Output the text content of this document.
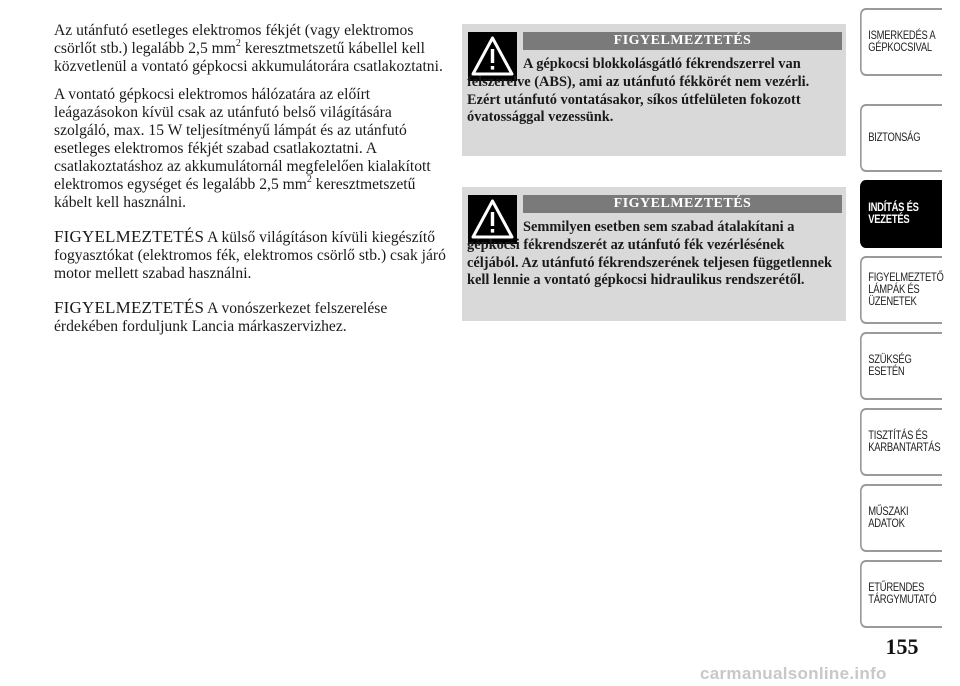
Az utánfutó esetleges elektromos fékjét (vagy elektromos csörlőt stb.) legalább 2,5 $mm^2$ keresztmetszetű kábellel kell közvetlenül a vontató gépkocsi akkumulátorára csatlakoztatni.

A vontató gépkocsi elektromos hálózatára az előírt leágazásokon kívül csak az utánfutó belső világítására szolgáló, max. 15 W teljesítményű lámpát és az utánfutó esetleges elektromos fékjét szabad csatlakoztatni. A csatlakoztatáshoz az akkumulátornál megfelelően kialakított elektromos egységet és legalább 2,5 $mm^2$ keresztmetszetű kábelt kell használni.

FIGYELMEZTETÉS A külső világításon kívüli kiegészítő fogyasztókat (elektromos fék, elektromos csörlő stb.) csak járó motor mellett szabad használni.

FIGYELMEZTETÉS A vonószerkezet felszerelése érdekében forduljunk Lancia márkaszervizhez.

FIGYELMEZTETÉS
A gépkocsi blokkolásgátló fékrendszerrel van felszerelve (ABS), ami az utánfutó fékkörét nem vezérli. Ezért utánfutó vontatásakor, síkos útfelületen fokozott óvatossággal vezessünk.
FIGYELMEZTETÉS
Semmilyen esetben sem szabad átalakítani a gépkocsi fékrendszerét az utánfutó fék vezérlésének céljából. Az utánfutó fékrendszerének teljesen függetlennek kell lennie a vontató gépkocsi hidraulikus rendszerétől.
ISMERKEDÉS A
GÉPKOCSIVAL
BIZTONSÁG
INDÍTÁS ÉS
VEZETÉS
FIGYELMEZTETŐ
LÁMPÁK ÉS
ÜZENETEK
SZÜKSÉG ESETÉN
TISZTÍTÁS ÉS
KARBANTARTÁS
MŰSZAKI ADATOK
ETŰRENDES
TÁRGYMUTATÓ
155
carmanualsonline.info
